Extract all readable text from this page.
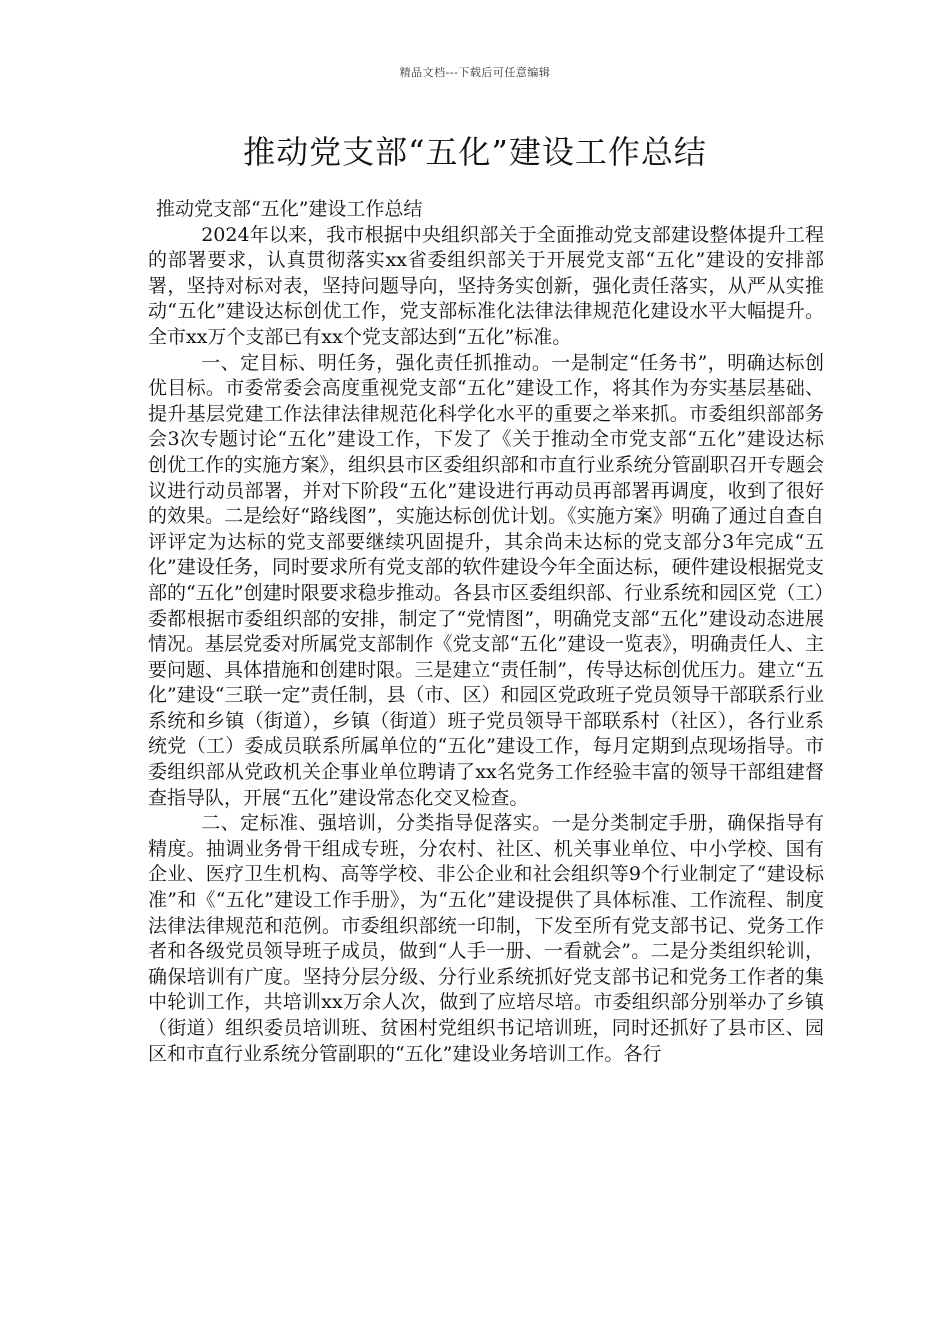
精品文档---下载后可任意编辑
推动党支部“五化”建设工作总结

推动党支部“五化”建设工作总结

2024年以来，我市根据中央组织部关于全面推动党支部建设整体提升工程的部署要求，认真贯彻落实xx省委组织部关于开展党支部“五化”建设的安排部署，坚持对标对表，坚持问题导向，坚持务实创新，强化责任落实，从严从实推动“五化”建设达标创优工作，党支部标准化法律法律规范化建设水平大幅提升。全市xx万个支部已有xx个党支部达到“五化”标准。

一、定目标、明任务，强化责任抓推动。一是制定“任务书”，明确达标创优目标。市委常委会高度重视党支部“五化”建设工作，将其作为夯实基层基础、提升基层党建工作法律法律规范化科学化水平的重要之举来抓。市委组织部部务会3次专题讨论“五化”建设工作，下发了《关于推动全市党支部“五化”建设达标创优工作的实施方案》，组织县市区委组织部和市直行业系统分管副职召开专题会议进行动员部署，并对下阶段“五化”建设进行再动员再部署再调度，收到了很好的效果。二是绘好“路线图”，实施达标创优计划。《实施方案》明确了通过自查自评评定为达标的党支部要继续巩固提升，其余尚未达标的党支部分3年完成“五化”建设任务，同时要求所有党支部的软件建设今年全面达标，硬件建设根据党支部的“五化”创建时限要求稳步推动。各县市区委组织部、行业系统和园区党（工）委都根据市委组织部的安排，制定了“党情图”，明确党支部“五化”建设动态进展情况。基层党委对所属党支部制作《党支部“五化”建设一览表》，明确责任人、主要问题、具体措施和创建时限。三是建立“责任制”，传导达标创优压力。建立“五化”建设“三联一定”责任制，县（市、区）和园区党政班子党员领导干部联系行业系统和乡镇（街道），乡镇（街道）班子党员领导干部联系村（社区），各行业系统党（工）委成员联系所属单位的“五化”建设工作，每月定期到点现场指导。市委组织部从党政机关企事业单位聘请了xx名党务工作经验丰富的领导干部组建督查指导队，开展“五化”建设常态化交叉检查。

二、定标准、强培训，分类指导促落实。一是分类制定手册，确保指导有精度。抽调业务骨干组成专班，分农村、社区、机关事业单位、中小学校、国有企业、医疗卫生机构、高等学校、非公企业和社会组织等9个行业制定了“建设标准”和《“五化”建设工作手册》，为“五化”建设提供了具体标准、工作流程、制度法律法律规范和范例。市委组织部统一印制，下发至所有党支部书记、党务工作者和各级党员领导班子成员，做到“人手一册、一看就会”。二是分类组织轮训，确保培训有广度。坚持分层分级、分行业系统抓好党支部书记和党务工作者的集中轮训工作，共培训xx万余人次，做到了应培尽培。市委组织部分别举办了乡镇（街道）组织委员培训班、贫困村党组织书记培训班，同时还抓好了县市区、园区和市直行业系统分管副职的“五化”建设业务培训工作。各行
